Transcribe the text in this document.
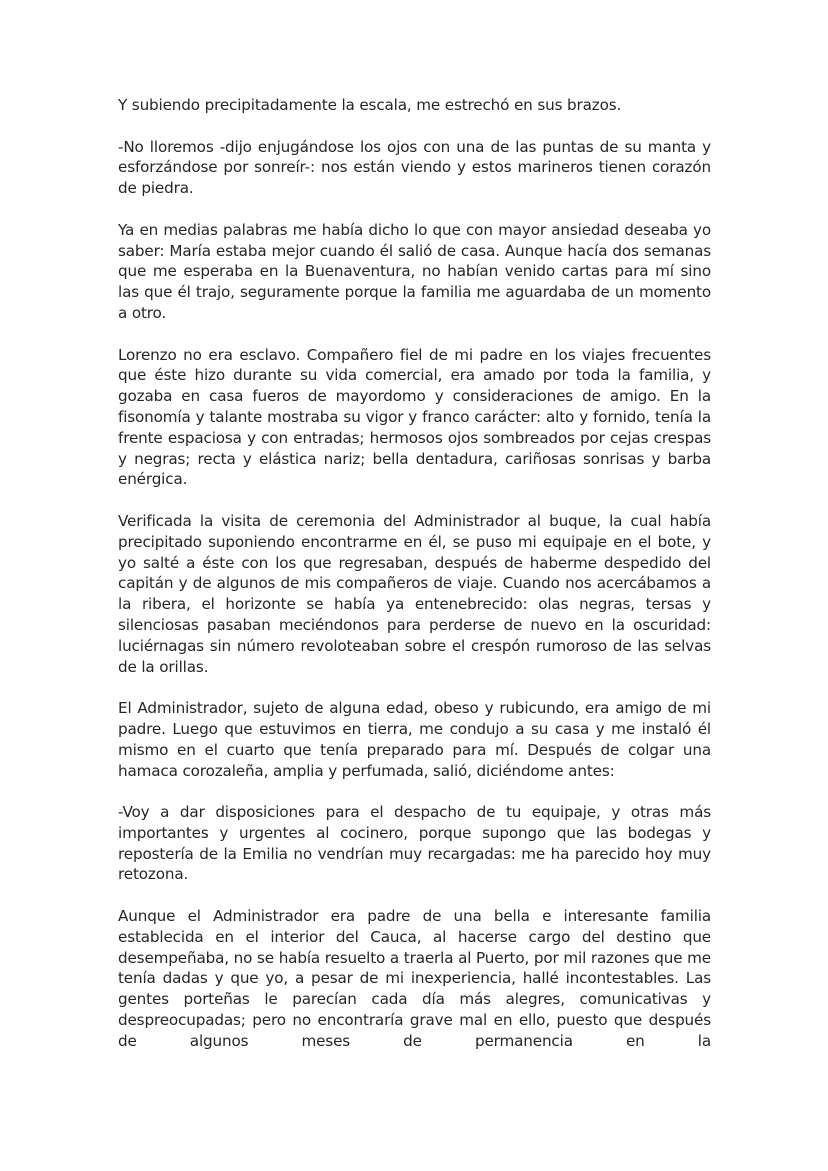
Y subiendo precipitadamente la escala, me estrechó en sus brazos.

-No lloremos -dijo enjugándose los ojos con una de las puntas de su manta y esforzándose por sonreír-: nos están viendo y estos marineros tienen corazón de piedra.

Ya en medias palabras me había dicho lo que con mayor ansiedad deseaba yo saber: María estaba mejor cuando él salió de casa. Aunque hacía dos semanas que me esperaba en la Buenaventura, no habían venido cartas para mí sino las que él trajo, seguramente porque la familia me aguardaba de un momento a otro.

Lorenzo no era esclavo. Compañero fiel de mi padre en los viajes frecuentes que éste hizo durante su vida comercial, era amado por toda la familia, y gozaba en casa fueros de mayordomo y consideraciones de amigo. En la fisonomía y talante mostraba su vigor y franco carácter: alto y fornido, tenía la frente espaciosa y con entradas; hermosos ojos sombreados por cejas crespas y negras; recta y elástica nariz; bella dentadura, cariñosas sonrisas y barba enérgica.

Verificada la visita de ceremonia del Administrador al buque, la cual había precipitado suponiendo encontrarme en él, se puso mi equipaje en el bote, y yo salté a éste con los que regresaban, después de haberme despedido del capitán y de algunos de mis compañeros de viaje. Cuando nos acercábamos a la ribera, el horizonte se había ya entenebrecido: olas negras, tersas y silenciosas pasaban meciéndonos para perderse de nuevo en la oscuridad: luciérnagas sin número revoloteaban sobre el crespón rumoroso de las selvas de la orillas.

El Administrador, sujeto de alguna edad, obeso y rubicundo, era amigo de mi padre. Luego que estuvimos en tierra, me condujo a su casa y me instaló él mismo en el cuarto que tenía preparado para mí. Después de colgar una hamaca corozaleña, amplia y perfumada, salió, diciéndome antes:

-Voy a dar disposiciones para el despacho de tu equipaje, y otras más importantes y urgentes al cocinero, porque supongo que las bodegas y repostería de la Emilia no vendrían muy recargadas: me ha parecido hoy muy retozona.

Aunque el Administrador era padre de una bella e interesante familia establecida en el interior del Cauca, al hacerse cargo del destino que desempeñaba, no se había resuelto a traerla al Puerto, por mil razones que me tenía dadas y que yo, a pesar de mi inexperiencia, hallé incontestables. Las gentes porteñas le parecían cada día más alegres, comunicativas y despreocupadas; pero no encontraría grave mal en ello, puesto que después de algunos meses de permanencia en la
